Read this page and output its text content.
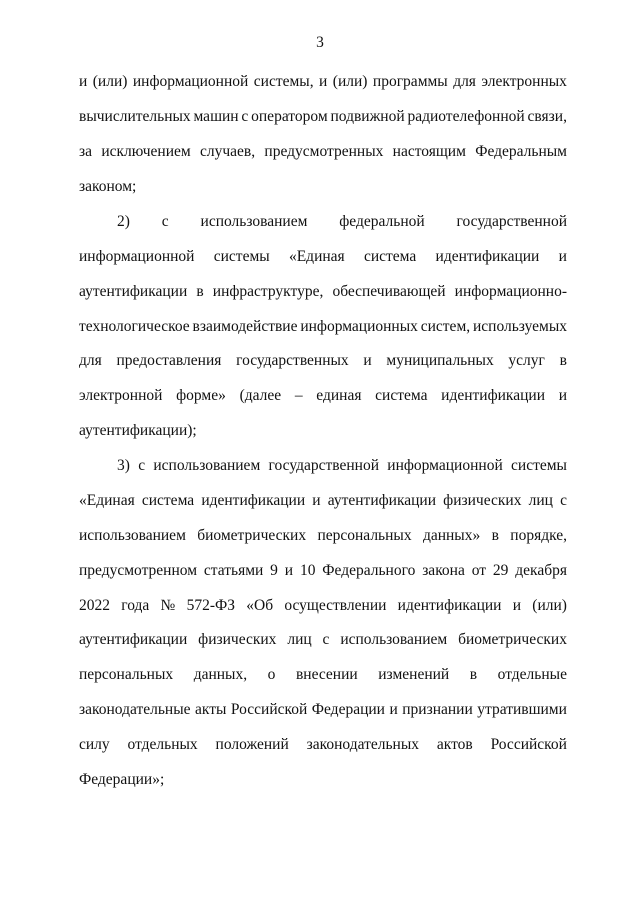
3
и (или) информационной системы, и (или) программы для электронных
вычислительных машин с оператором подвижной радиотелефонной связи,
за исключением случаев, предусмотренных настоящим Федеральным
законом;
2) с использованием федеральной государственной
информационной системы «Единая система идентификации и
аутентификации в инфраструктуре, обеспечивающей информационно-
технологическое взаимодействие информационных систем, используемых
для предоставления государственных и муниципальных услуг в
электронной форме» (далее – единая система идентификации и
аутентификации);
3) с использованием государственной информационной системы
«Единая система идентификации и аутентификации физических лиц с
использованием биометрических персональных данных» в порядке,
предусмотренном статьями 9 и 10 Федерального закона от 29 декабря
2022 года № 572-ФЗ «Об осуществлении идентификации и (или)
аутентификации физических лиц с использованием биометрических
персональных данных, о внесении изменений в отдельные
законодательные акты Российской Федерации и признании утратившими
силу отдельных положений законодательных актов Российской
Федерации»;
